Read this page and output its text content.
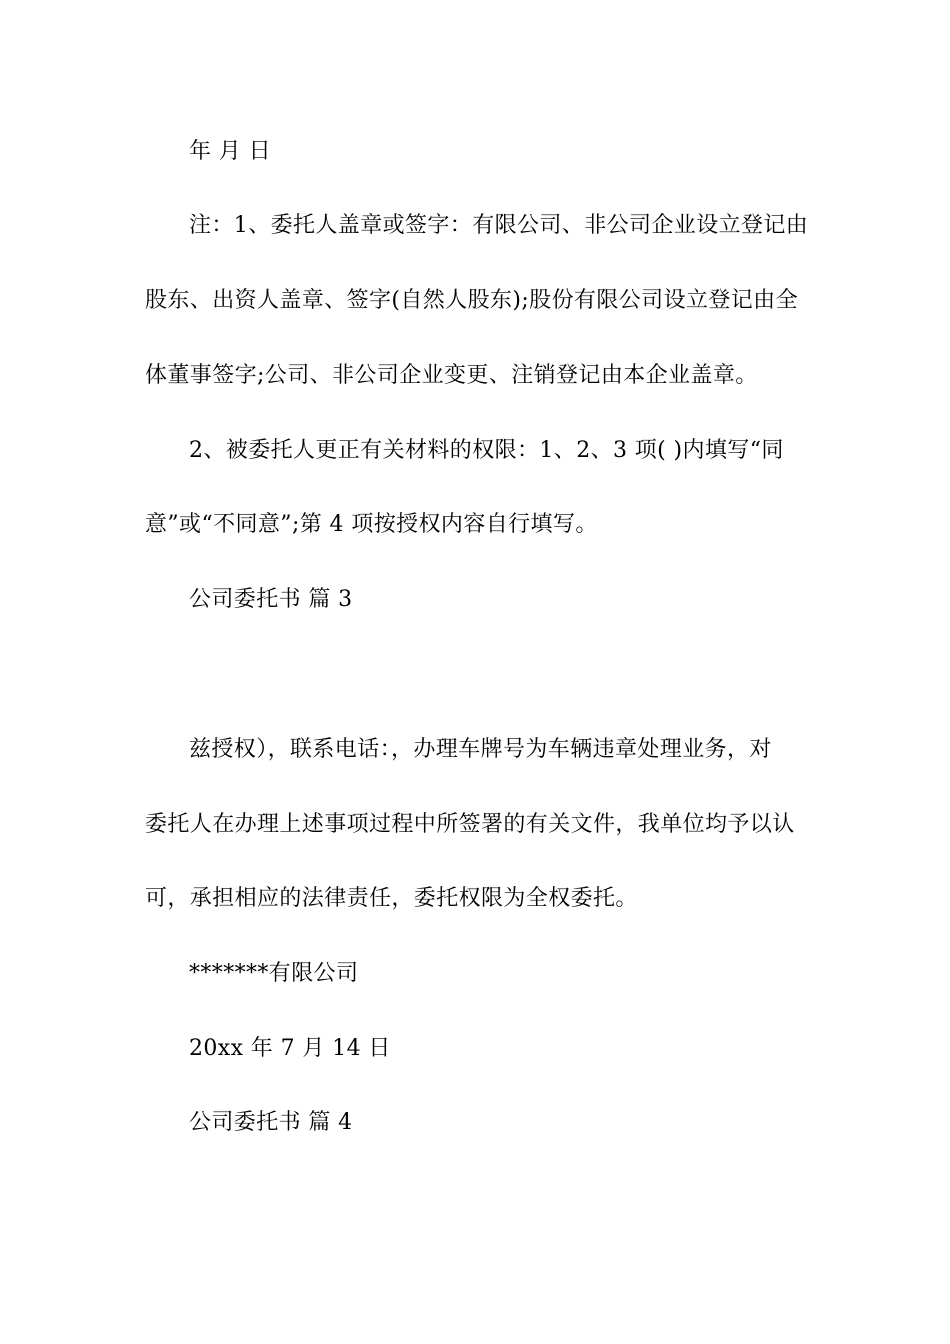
年 月 日
注：1、委托人盖章或签字：有限公司、非公司企业设立登记由
股东、出资人盖章、签字(自然人股东);股份有限公司设立登记由全
体董事签字;公司、非公司企业变更、注销登记由本企业盖章。
2、被委托人更正有关材料的权限：1、2、3 项( )内填写“同
意”或“不同意”;第 4 项按授权内容自行填写。
公司委托书 篇 3
兹授权），联系电话：，办理车牌号为车辆违章处理业务，对
委托人在办理上述事项过程中所签署的有关文件，我单位均予以认
可，承担相应的法律责任，委托权限为全权委托。
*******有限公司
20xx 年 7 月 14 日
公司委托书 篇 4
